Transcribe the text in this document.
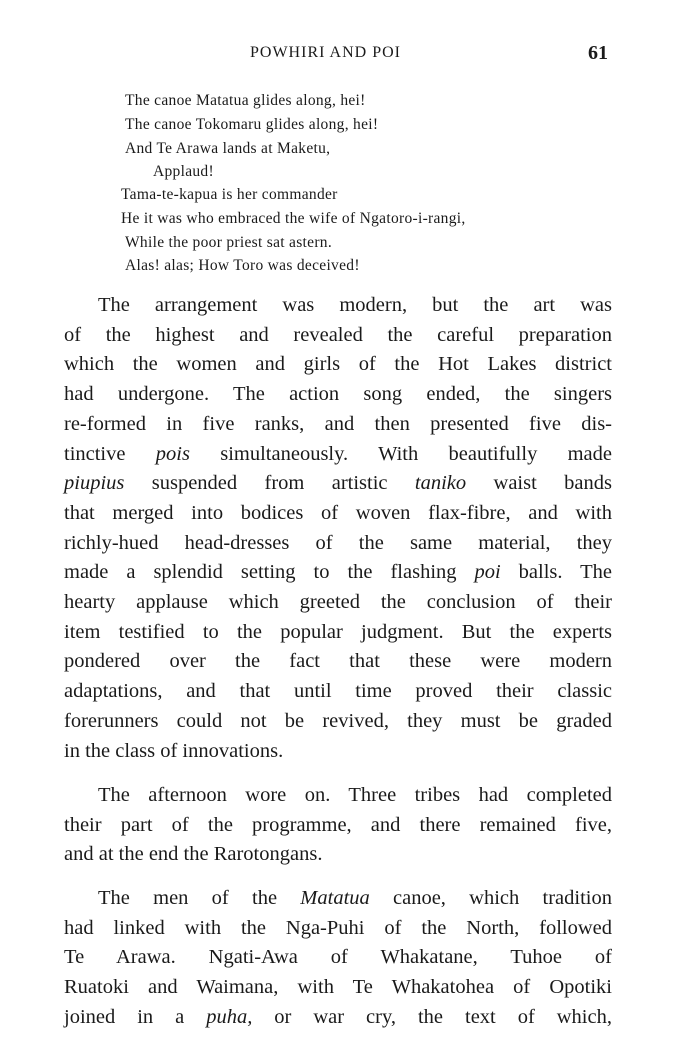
POWHIRI AND POI	61
The canoe Matatua glides along, hei!
The canoe Tokomaru glides along, hei!
And Te Arawa lands at Maketu,
Applaud!
Tama-te-kapua is her commander
He it was who embraced the wife of Ngatoro-i-rangi,
While the poor priest sat astern.
Alas! alas; How Toro was deceived!
The arrangement was modern, but the art was
of the highest and revealed the careful preparation
which the women and girls of the Hot Lakes district
had undergone. The action song ended, the singers
re-formed in five ranks, and then presented five dis-
tinctive pois simultaneously. With beautifully made
piupius suspended from artistic taniko waist bands
that merged into bodices of woven flax-fibre, and with
richly-hued head-dresses of the same material, they
made a splendid setting to the flashing poi balls. The
hearty applause which greeted the conclusion of their
item testified to the popular judgment. But the experts
pondered over the fact that these were modern
adaptations, and that until time proved their classic
forerunners could not be revived, they must be graded
in the class of innovations.
The afternoon wore on. Three tribes had completed
their part of the programme, and there remained five,
and at the end the Rarotongans.
The men of the Matatua canoe, which tradition
had linked with the Nga-Puhi of the North, followed
Te Arawa. Ngati-Awa of Whakatane, Tuhoe of
Ruatoki and Waimana, with Te Whakatohea of Opotiki
joined in a puha, or war cry, the text of which,
